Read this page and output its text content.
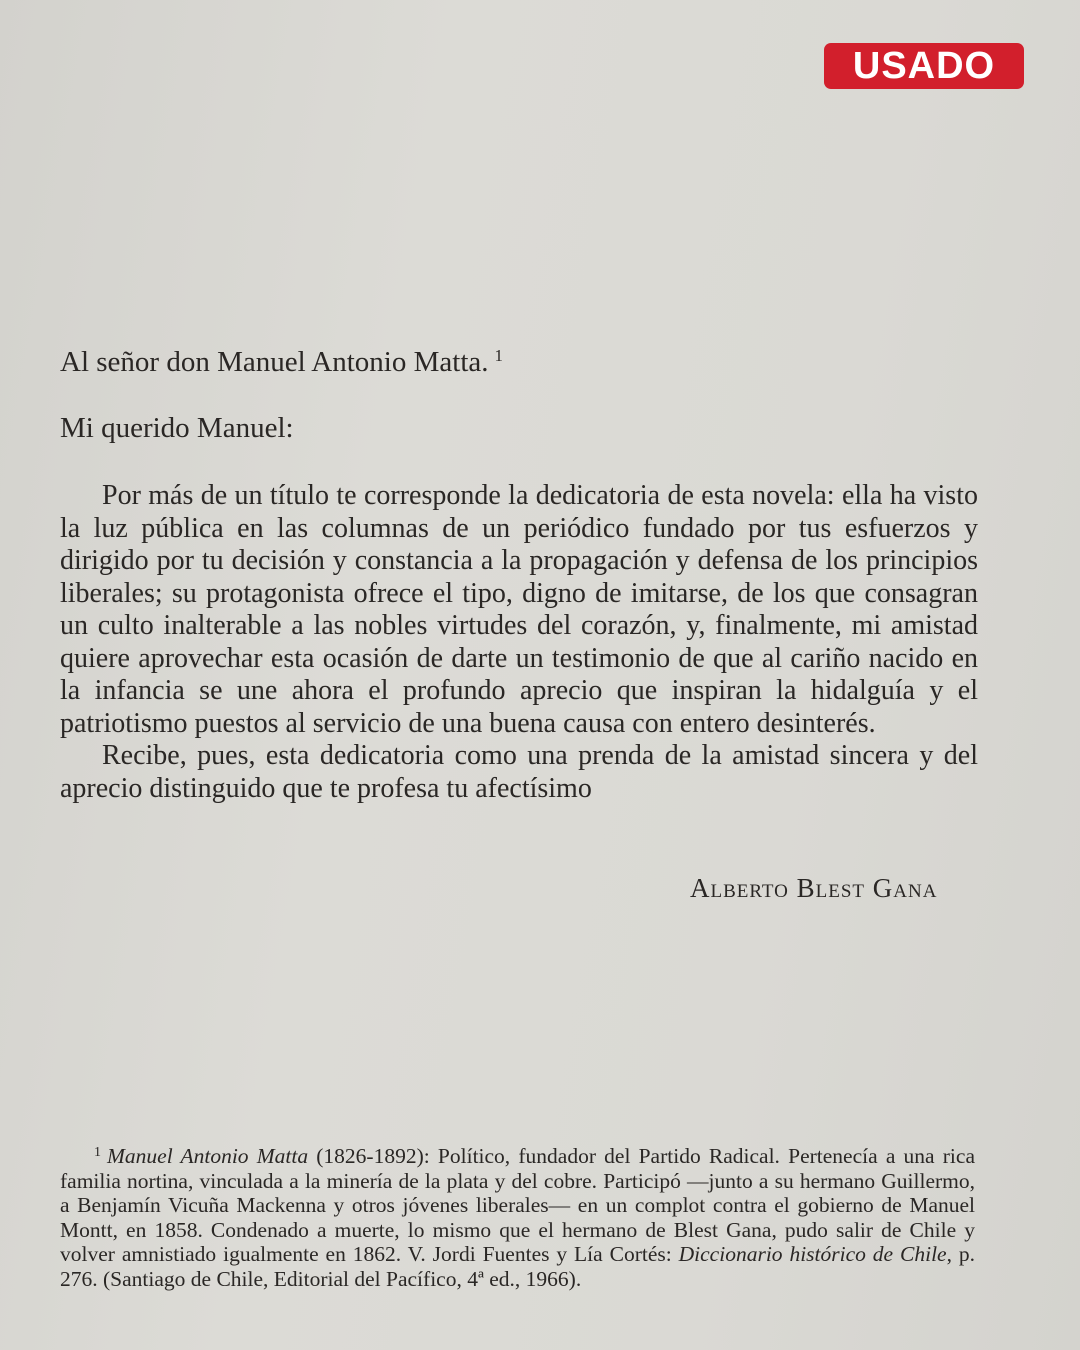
USADO
Al señor don Manuel Antonio Matta. $^1$
Mi querido Manuel:

Por más de un título te corresponde la dedicatoria de esta novela: ella ha visto la luz pública en las columnas de un periódico fundado por tus esfuerzos y dirigido por tu decisión y constancia a la propagación y defensa de los principios liberales; su protagonista ofrece el tipo, digno de imitarse, de los que consagran un culto inalterable a las nobles virtudes del corazón, y, finalmente, mi amistad quiere aprovechar esta ocasión de darte un testimonio de que al cariño nacido en la infancia se une ahora el profundo aprecio que inspiran la hidalguía y el patriotismo puestos al servicio de una buena causa con entero desinterés.

Recibe, pues, esta dedicatoria como una prenda de la amistad sincera y del aprecio distinguido que te profesa tu afectísimo

Alberto Blest Gana
$^1$ Manuel Antonio Matta (1826-1892): Político, fundador del Partido Radical. Pertenecía a una rica familia nortina, vinculada a la minería de la plata y del cobre. Participó —junto a su hermano Guillermo, a Benjamín Vicuña Mackenna y otros jóvenes liberales— en un complot contra el gobierno de Manuel Montt, en 1858. Condenado a muerte, lo mismo que el hermano de Blest Gana, pudo salir de Chile y volver amnistiado igualmente en 1862. V. Jordi Fuentes y Lía Cortés: Diccionario histórico de Chile, p. 276. (Santiago de Chile, Editorial del Pacífico, 4ª ed., 1966).
